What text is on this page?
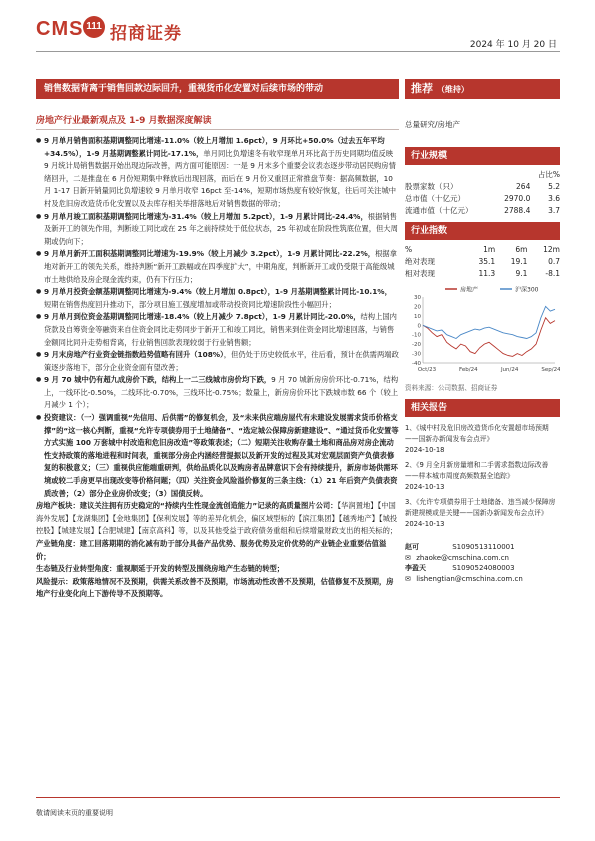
CMS 111 招商证券
2024 年 10 月 20 日
销售数据背离于销售回款边际回升，重视货币化安置对后续市场的带动	推荐 （维持）
房地产行业最新观点及 1-9 月数据深度解读

● 9 月单月销售面积基期调整同比增速-11.0%（较上月增加 1.6pct），9 月环比+50.0%（过去五年平均+34.5%），1-9 月基期调整累计同比-17.1%，单月同比负增速冬有收窄现单月环比高于历史同期均值反映 9 月统计局销售数据开始出现边际改善，两方面可能原因：一是 9 月末多个重要会议表态逐步带动居民购房情绪回升，二是推盘在 6 月份短期集中释放后出现回落，而后在 9 月份又重回正常推盘节奏：据高频数据，10 月 1-17 日新开销量同比负增速较 9 月单月收窄 16pct 至-14%，短期市场热度有较好恢复，往后可关注城中村及危旧房改造货币化安置以及去库存相关举措落地后对销售数据的带动；

● 9 月单月竣工面积基期调整同比增速为-31.4%（较上月增加 5.2pct），1-9 月累计同比-24.4%，根据销售及新开工的领先作用，判断竣工同比或在 25 年之前持续处于低位状态，25 年初或在阶段性筑底位置，但大周期或仍向下；

● 9 月单月新开工面积基期调整同比增速为-19.9%（较上月减少 3.2pct），1-9 月累计同比-22.2%，根据拿地对新开工的领先关系，维持判断“新开工跌幅或在四季度扩大”，中期角度，判断新开工或仍受限于高能级城市土地供给及房企现金流约束，仍有下行压力；

● 9 月单月投资金额基期调整同比增速为-9.4%（较上月增加 0.8pct），1-9 月基期调整累计同比-10.1%，短期在销售热度回升推动下，部分项目施工强度增加或带动投资同比增速阶段性小幅回升；

● 9 月单月到位资金基期调整同比增速-18.4%（较上月减少 7.8pct），1-9 月累计同比-20.0%，结构上国内贷款及自筹资金等融资来自住资金同比走势同步于新开工和竣工同比，销售来到住资金同比增速回落，与销售金额同比同升走势相背离，行业销售回款表现较弱于行业销售额；

● 9 月末房地产行业资金链指数趋势值略有回升（108%），但仍处于历史较低水平，往后看，预计在供需两端政策逐步落地下，部分企业资金面有望改善；

● 9 月 70 城中仍有超九成房价下跌，结构上一二三线城市房价均下跌，9 月 70 城新房房价环比-0.71%，结构上，一线环比-0.50%，二线环比-0.70%，三线环比-0.75%；数量上，新房房价环比下跌城市数 66 个（较上月减少 1 个）；

● 投资建议：（一）强调重视“先信用、后供需”的修复机会，及“未来供应端房屋代有未建设发展需求货币价格支撑”的“这一核心判断，重视“允许专项债券用于土地储备”、“选定城公保障房新建建设”、“通过货币化安置等方式实施 100 万套城中村改造和危旧房改造”等政策表述；（二）短期关注收购存量土地和商品房对房企流动性支持政策的落地进程和时间表，重视部分房企内涵经营提振以及新开发的过程及其对宏观层面资产负债表修复的积极意义；（三）重视供应能端重研判，供给品质化以及购房者品牌意识下会有持续提升，新房市场供需环境或较二手房更早出现改变等价格问题；（四）关注资金风险溢价修复的三条主线：（1）21 年后资产负债表资质改善；（2）部分企业房价改变；（3）国债反转。

房地产板块：建议关注拥有历史稳定的“持续内生性现金流创造能力”记录的高质量图片公司：【华润置地】【中国海外发展】【龙湖集团】【金地集团】【保利发展】等的差异化机会，偏区域型标的【滨江集团】【越秀地产】【城投控股】【城建发展】【合肥城建】【南京高科】等，以及其他受益于政府债务重组和后续增量财政支出的相关标的；

产业链角度：建工回落期期的消化减有助于部分具备产品优势、服务优势及定价优势的产业链企业重要估值溢价；

生态链及行业转型角度：重视顺延于开发的转型及围绕房地产生态链的转型；

风险提示：政策落地情况不及预期，供需关系改善不及预期，市场流动性改善不及预期，估值修复不及预期，房地产行业变化向上下游传导不及预期等。

总量研究/房地产
行业规模
		占比%
股票家数（只）	264	5.2
总市值（十亿元）	2970.0	3.6
流通市值（十亿元）	2788.4	3.7
行业指数
%	1m	6m	12m
绝对表现	35.1	19.1	0.7
相对表现	11.3	9.1	-8.1
房地产	沪深300
-40
-30
-20
-10
0
10
20
30
Oct/23	Feb/24	Jun/24	Sep/24
资料来源：公司数据、招商证券
相关报告
1、《城中村及危旧房改造货币化安置超市场预期——国新办新闻发布会点评》
2024-10-18
2、《9 月全月新房量增和二手需求指数边际改善——样本城市周度高频数据全追踪》
2024-10-13
3、《允许专项债券用于土地储备、违当减少保障房新建规模或是关键——国新办新闻发布会点评》
2024-10-13
赵可	S1090513110001
✉ zhaoke@cmschina.com.cn
李盈天	S1090524080003
✉ lishengtian@cmschina.com.cn
敬请阅读末页的重要说明
